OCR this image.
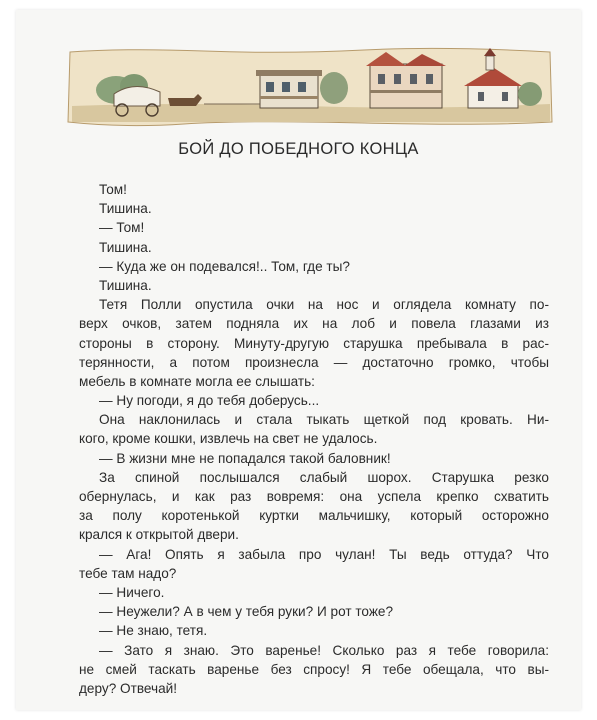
БОЙ ДО ПОБЕДНОГО КОНЦА
Том!
Тишина.
— Том!
Тишина.
— Куда же он подевался!.. Том, где ты?
Тишина.
Тетя Полли опустила очки на нос и оглядела комнату по-
верх очков, затем подняла их на лоб и повела глазами из
стороны в сторону. Минуту-другую старушка пребывала в рас-
терянности, а потом произнесла — достаточно громко, чтобы
мебель в комнате могла ее слышать:
— Ну погоди, я до тебя доберусь...
Она наклонилась и стала тыкать щеткой под кровать. Ни-
кого, кроме кошки, извлечь на свет не удалось.
— В жизни мне не попадался такой баловник!
За спиной послышался слабый шорох. Старушка резко
обернулась, и как раз вовремя: она успела крепко схватить
за полу коротенькой куртки мальчишку, который осторожно
крался к открытой двери.
— Ага! Опять я забыла про чулан! Ты ведь оттуда? Что
тебе там надо?
— Ничего.
— Неужели? А в чем у тебя руки? И рот тоже?
— Не знаю, тетя.
— Зато я знаю. Это варенье! Сколько раз я тебе говорила:
не смей таскать варенье без спросу! Я тебе обещала, что вы-
деру? Отвечай!
